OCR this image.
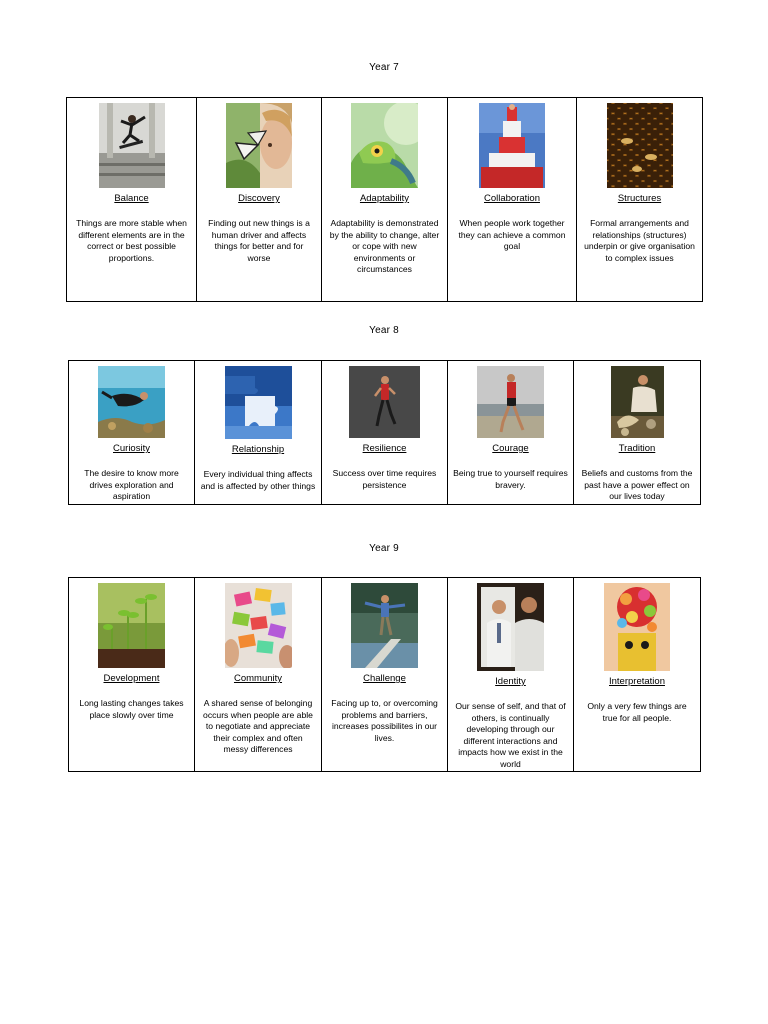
Year 7
Balance
Things are more stable when different elements are in the correct or best possible proportions.
Discovery
Finding out new things is a human driver and affects things for better and for worse
Adaptability
Adaptability is demonstrated by the ability to change, alter or cope with new environments or circumstances
Collaboration
When people work together they can achieve a common goal
Structures
Formal arrangements and relationships (structures) underpin or give organisation to complex issues
Year 8
Curiosity
The desire to know more drives exploration and aspiration
Relationship
Every individual thing affects and is affected by other things
Resilience
Success over time requires persistence
Courage
Being true to yourself requires bravery.
Tradition
Beliefs and customs from the past have a power effect on our lives today
Year 9
Development
Long lasting changes takes place slowly over time
Community
A shared sense of belonging occurs when people are able to negotiate and appreciate their complex and often messy differences
Challenge
Facing up to, or overcoming problems and barriers, increases possibilites in our lives.
Identity
Our sense of self, and that of others, is continually developing through our different interactions and impacts how we exist in the world
Interpretation
Only a very few things are true for all people.
